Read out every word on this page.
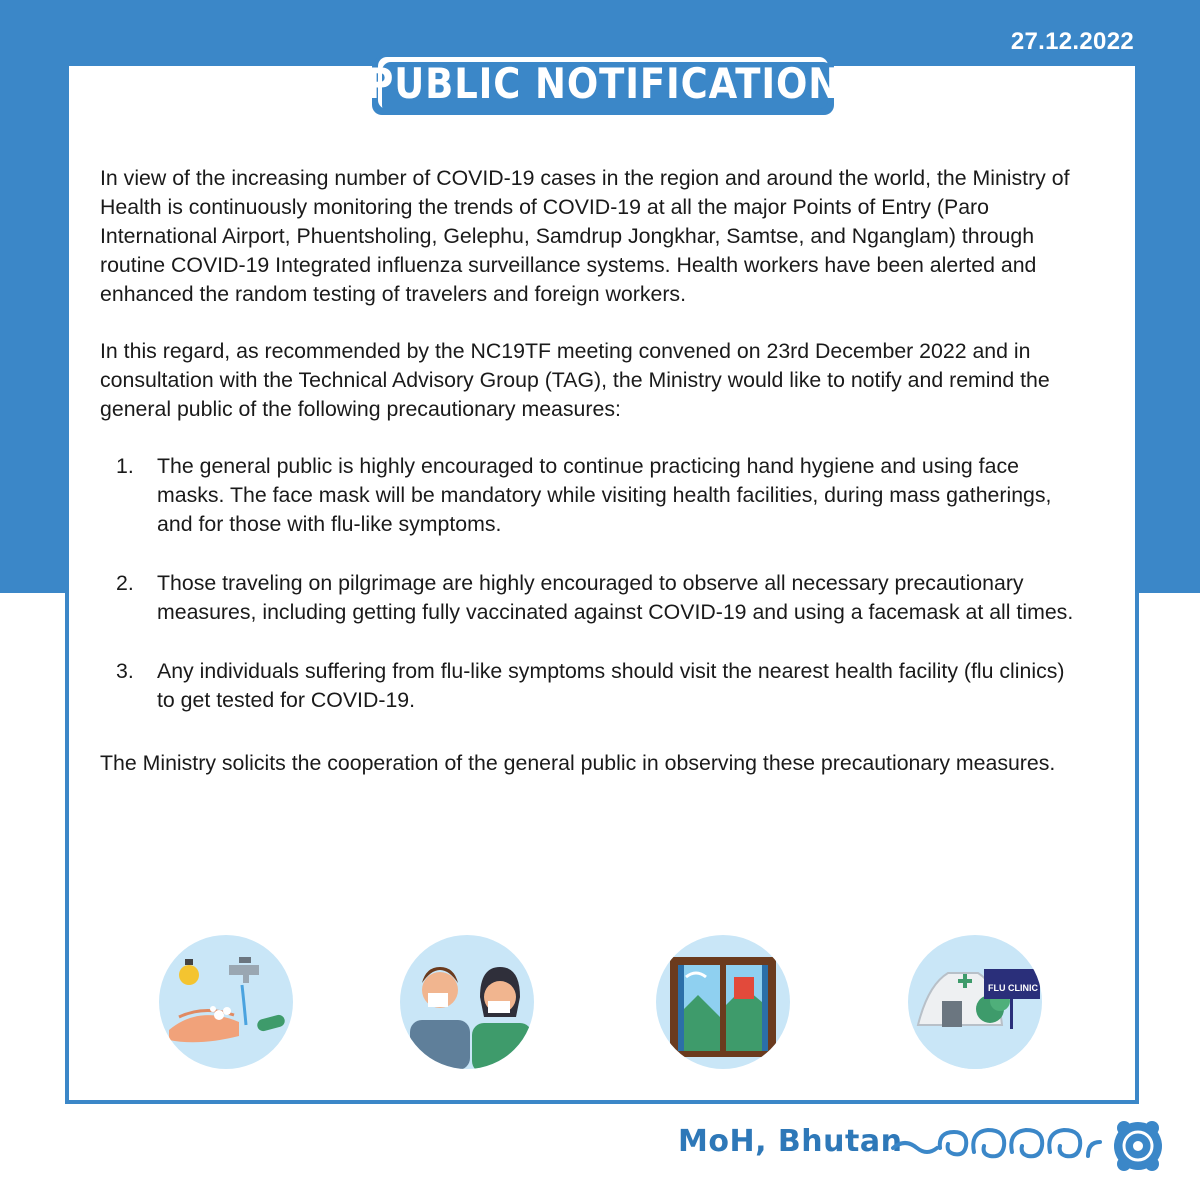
27.12.2022
PUBLIC NOTIFICATION

In view of the increasing number of COVID-19 cases in the region and around the world, the Ministry of Health is continuously monitoring the trends of COVID-19 at all the major Points of Entry (Paro International Airport, Phuentsholing, Gelephu, Samdrup Jongkhar, Samtse, and Nganglam) through routine COVID-19 Integrated influenza surveillance systems. Health workers have been alerted and enhanced the random testing of travelers and foreign workers.

In this regard, as recommended by the NC19TF meeting convened on 23rd December 2022 and in consultation with the Technical Advisory Group (TAG), the Ministry would like to notify and remind the general public of the following precautionary measures:

1. The general public is highly encouraged to continue practicing hand hygiene and using face masks. The face mask will be mandatory while visiting health facilities, during mass gatherings, and for those with flu-like symptoms.
2. Those traveling on pilgrimage are highly encouraged to observe all necessary precautionary measures, including getting fully vaccinated against COVID-19 and using a facemask at all times.
3. Any individuals suffering from flu-like symptoms should visit the nearest health facility (flu clinics) to get tested for COVID-19.

The Ministry solicits the cooperation of the general public in observing these precautionary measures.

FLU CLINIC
MoH, Bhutan
